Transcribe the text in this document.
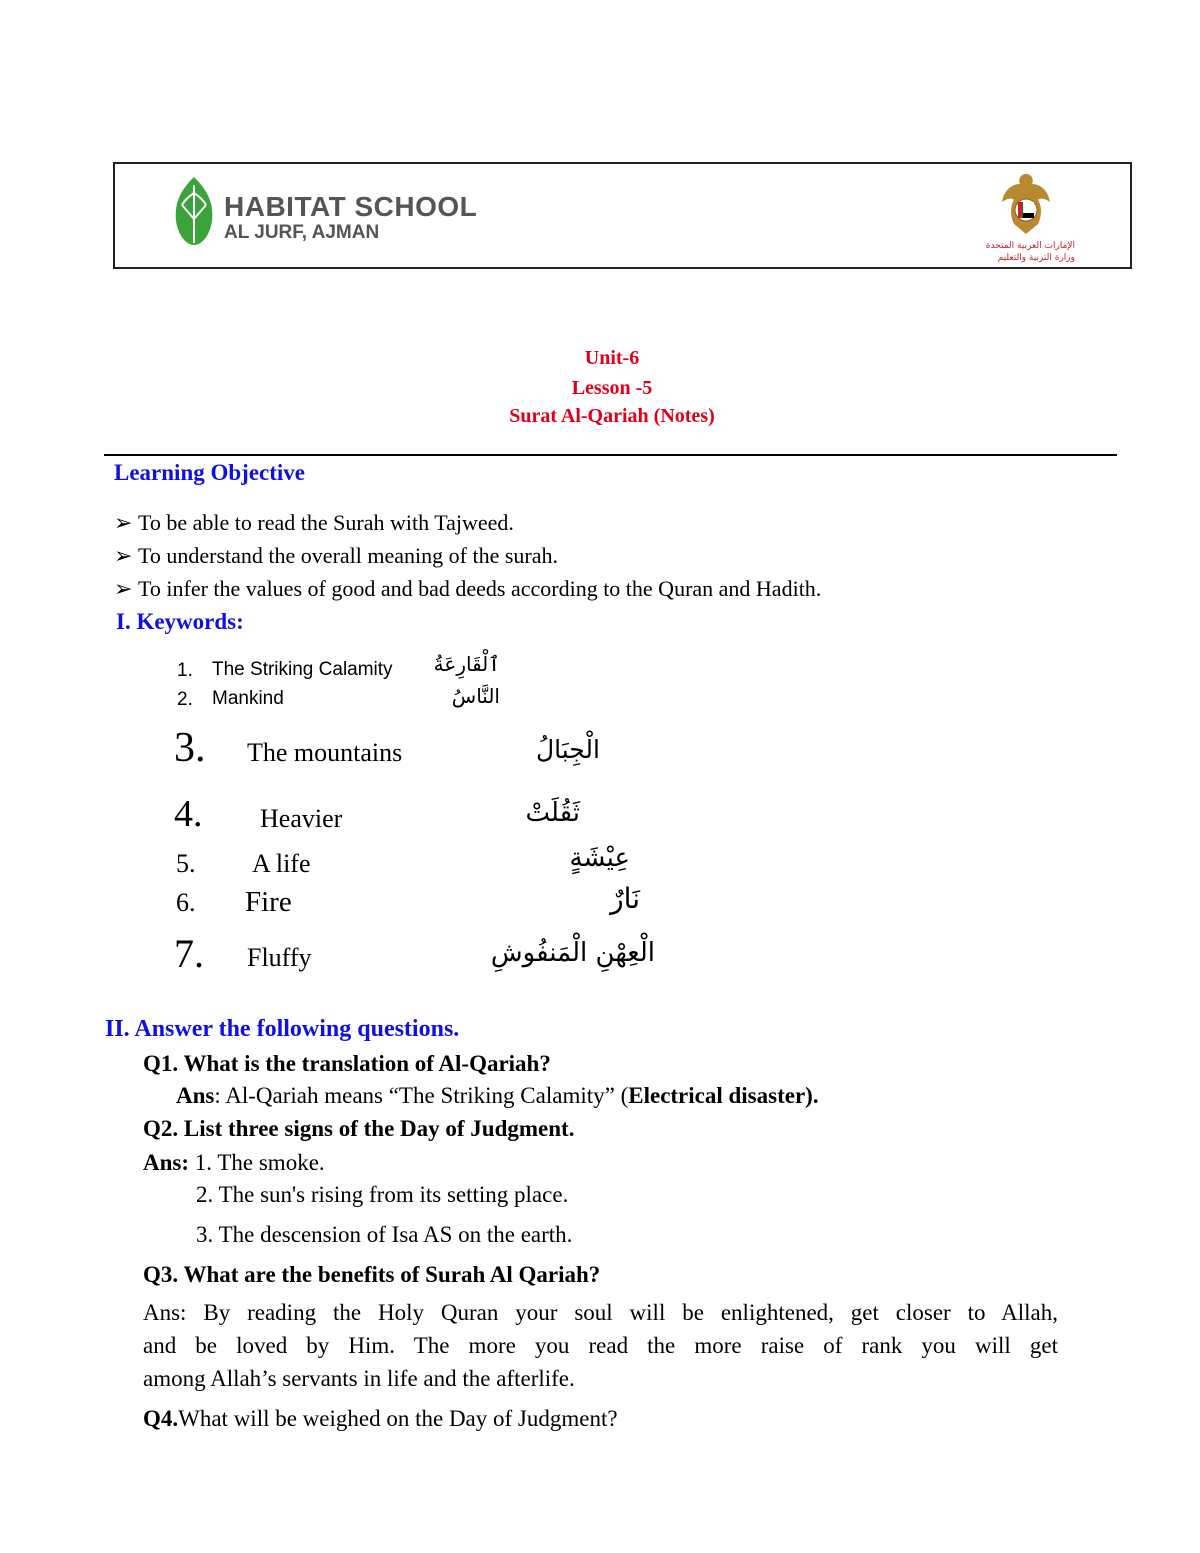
HABITAT SCHOOL
AL JURF, AJMAN
الإمارات العربية المتحدة
وزارة التربية والتعليم
Unit-6
Lesson -5
Surat Al-Qariah (Notes)
Learning Objective
➢ To be able to read the Surah with Tajweed.
➢ To understand the overall meaning of the surah.
➢ To infer the values of good and bad deeds according to the Quran and Hadith.
I. Keywords:
1. The Striking Calamity	ٱلْقَارِعَةُ
2. Mankind	النَّاسُ
3. The mountains	الْجِبَالُ
4. Heavier	ثَقُلَتْ
5. A life	عِيْشَةٍ
6. Fire	نَارٌ
7. Fluffy	الْعِهْنِ الْمَنفُوشِ
II. Answer the following questions.
Q1. What is the translation of Al-Qariah?
Ans: Al-Qariah means “The Striking Calamity” (Electrical disaster).
Q2. List three signs of the Day of Judgment.
Ans: 1. The smoke.
2. The sun's rising from its setting place.
3. The descension of Isa AS on the earth.
Q3. What are the benefits of Surah Al Qariah?
Ans: By reading the Holy Quran your soul will be enlightened, get closer to Allah,
and be loved by Him. The more you read the more raise of rank you will get
among Allah’s servants in life and the afterlife.
Q4.What will be weighed on the Day of Judgment?
